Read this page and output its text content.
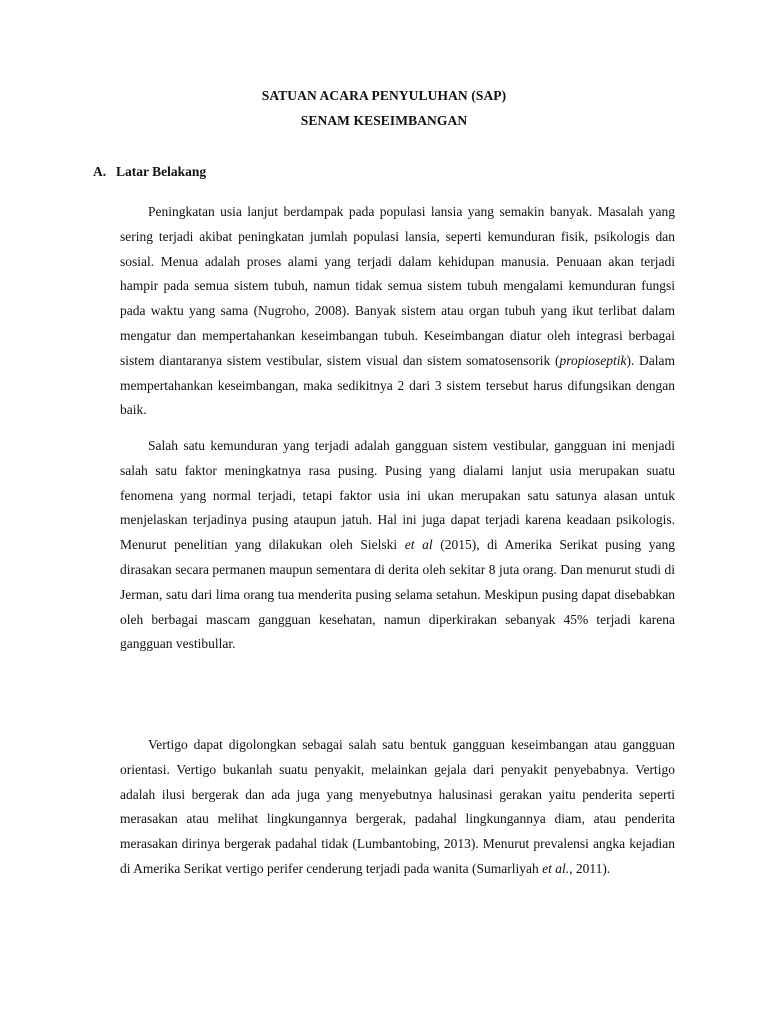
SATUAN ACARA PENYULUHAN (SAP)
SENAM KESEIMBANGAN
A. Latar Belakang

Peningkatan usia lanjut berdampak pada populasi lansia yang semakin banyak. Masalah yang sering terjadi akibat peningkatan jumlah populasi lansia, seperti kemunduran fisik, psikologis dan sosial. Menua adalah proses alami yang terjadi dalam kehidupan manusia. Penuaan akan terjadi hampir pada semua sistem tubuh, namun tidak semua sistem tubuh mengalami kemunduran fungsi pada waktu yang sama (Nugroho, 2008). Banyak sistem atau organ tubuh yang ikut terlibat dalam mengatur dan mempertahankan keseimbangan tubuh. Keseimbangan diatur oleh integrasi berbagai sistem diantaranya sistem vestibular, sistem visual dan sistem somatosensorik (propioseptik). Dalam mempertahankan keseimbangan, maka sedikitnya 2 dari 3 sistem tersebut harus difungsikan dengan baik.

Salah satu kemunduran yang terjadi adalah gangguan sistem vestibular, gangguan ini menjadi salah satu faktor meningkatnya rasa pusing. Pusing yang dialami lanjut usia merupakan suatu fenomena yang normal terjadi, tetapi faktor usia ini ukan merupakan satu satunya alasan untuk menjelaskan terjadinya pusing ataupun jatuh. Hal ini juga dapat terjadi karena keadaan psikologis. Menurut penelitian yang dilakukan oleh Sielski et al (2015), di Amerika Serikat pusing yang dirasakan secara permanen maupun sementara di derita oleh sekitar 8 juta orang. Dan menurut studi di Jerman, satu dari lima orang tua menderita pusing selama setahun. Meskipun pusing dapat disebabkan oleh berbagai mascam gangguan kesehatan, namun diperkirakan sebanyak 45% terjadi karena gangguan vestibullar.

Vertigo dapat digolongkan sebagai salah satu bentuk gangguan keseimbangan atau gangguan orientasi. Vertigo bukanlah suatu penyakit, melainkan gejala dari penyakit penyebabnya. Vertigo adalah ilusi bergerak dan ada juga yang menyebutnya halusinasi gerakan yaitu penderita seperti merasakan atau melihat lingkungannya bergerak, padahal lingkungannya diam, atau penderita merasakan dirinya bergerak padahal tidak (Lumbantobing, 2013). Menurut prevalensi angka kejadian di Amerika Serikat vertigo perifer cenderung terjadi pada wanita (Sumarliyah et al., 2011).
